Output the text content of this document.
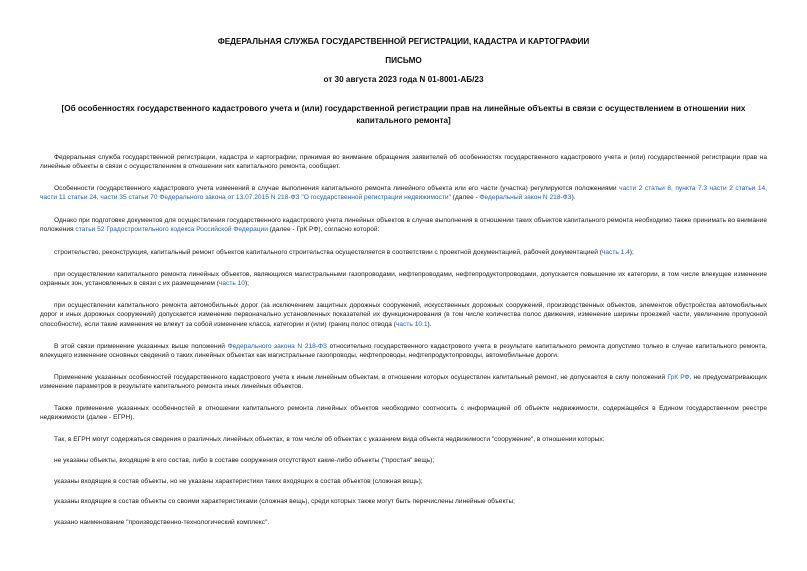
ФЕДЕРАЛЬНАЯ СЛУЖБА ГОСУДАРСТВЕННОЙ РЕГИСТРАЦИИ, КАДАСТРА И КАРТОГРАФИИ
ПИСЬМО
от 30 августа 2023 года N 01-8001-АБ/23
[Об особенностях государственного кадастрового учета и (или) государственной регистрации прав на линейные объекты в связи с осуществлением в отношении них капитального ремонта]

Федеральная служба государственной регистрации, кадастра и картографии, принимая во внимание обращения заявителей об особенностях государственного кадастрового учета и (или) государственной регистрации прав на линейные объекты в связи с осуществлением в отношении них капитального ремонта, сообщает.

Особенности государственного кадастрового учета изменений в случае выполнения капитального ремонта линейного объекта или его части (участка) регулируются положениями части 2 статьи 8, пункта 7.3 части 2 статьи 14, части 11 статьи 24, части 35 статьи 70 Федерального закона от 13.07.2015 N 218-ФЗ "О государственной регистрации недвижимости" (далее - Федеральный закон N 218-ФЗ).

Однако при подготовке документов для осуществления государственного кадастрового учета линейных объектов в случае выполнения в отношении таких объектов капитального ремонта необходимо также принимать во внимание положения статьи 52 Градостроительного кодекса Российской Федерации (далее - ГрК РФ), согласно которой:

строительство, реконструкция, капитальный ремонт объектов капитального строительства осуществляется в соответствии с проектной документацией, рабочей документацией (часть 1.4);

при осуществлении капитального ремонта линейных объектов, являющихся магистральными газопроводами, нефтепроводами, нефтепродуктопроводами, допускается повышение их категории, в том числе влекущее изменение охранных зон, установленных в связи с их размещением (часть 10);

при осуществлении капитального ремонта автомобильных дорог (за исключением защитных дорожных сооружений, искусственных дорожных сооружений, производственных объектов, элементов обустройства автомобильных дорог и иных дорожных сооружений) допускается изменение первоначально установленных показателей их функционирования (в том числе количества полос движения, изменение ширины проезжей части, увеличение пропускной способности), если такие изменения не влекут за собой изменение класса, категории и (или) границ полос отвода (часть 10.1).

В этой связи применение указанных выше положений Федерального закона N 218-ФЗ относительно государственного кадастрового учета в результате капитального ремонта допустимо только в случае капитального ремонта, влекущего изменение основных сведений о таких линейных объектах как магистральные газопроводы, нефтепроводы, нефтепродуктопроводы, автомобильные дороги.

Применение указанных особенностей государственного кадастрового учета к иным линейным объектам, в отношении которых осуществлен капитальный ремонт, не допускается в силу положений ГрК РФ, не предусматривающих изменение параметров в результате капитального ремонта иных линейных объектов.

Также применение указанных особенностей в отношении капитального ремонта линейных объектов необходимо соотносить с информацией об объекте недвижимости, содержащейся в Едином государственном реестре недвижимости (далее - ЕГРН).

Так, в ЕГРН могут содержаться сведения о различных линейных объектах, в том числе об объектах с указанием вида объекта недвижимости "сооружение", в отношении которых:

не указаны объекты, входящие в его состав, либо в составе сооружения отсутствуют какие-либо объекты ("простая" вещь);

указаны входящие в состав объекты, но не указаны характеристики таких входящих в состав объектов (сложная вещь);

указаны входящие в состав объекты со своими характеристиками (сложная вещь), среди которых также могут быть перечислены линейные объекты;

указано наименование "производственно-технологический комплекс".
